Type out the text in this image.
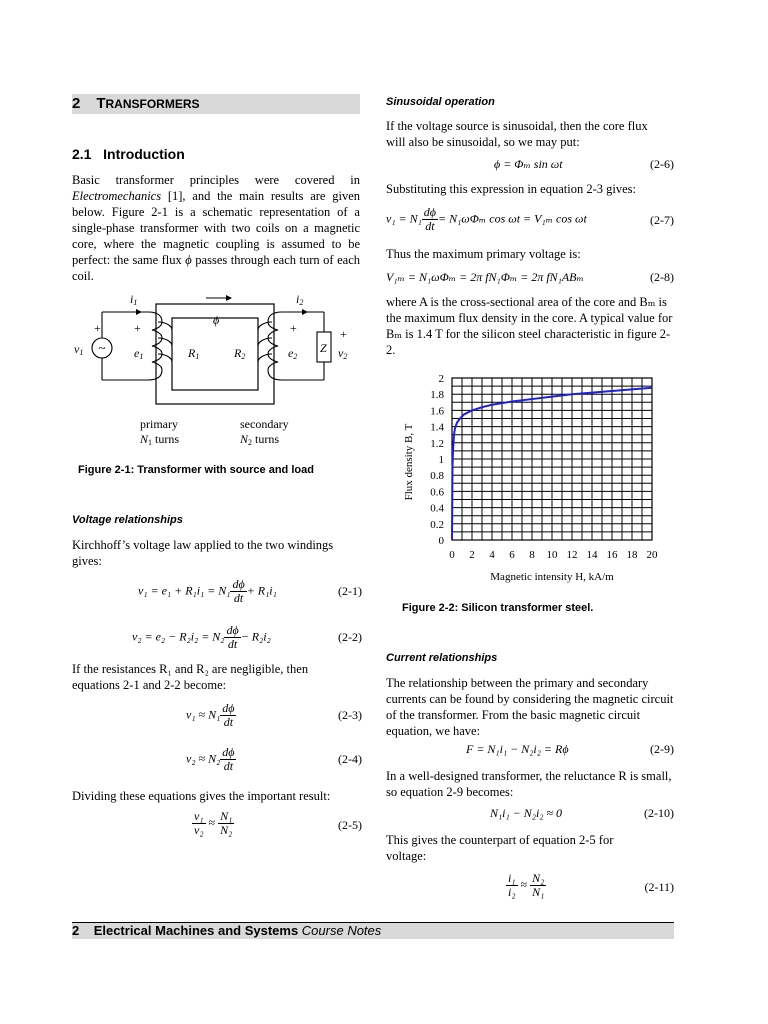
2 TRANSFORMERS
2.1 Introduction
Basic transformer principles were covered in Electromechanics [1], and the main results are given below. Figure 2-1 is a schematic representation of a single-phase transformer with two coils on a magnetic core, where the magnetic coupling is assumed to be perfect: the same flux ϕ passes through each turn of each coil.
~
i1	i2
ϕ
v1	e1	R1	R2	e2
Z v2
+	+	+	+
primary
N1 turns
secondary
N2 turns
Figure 2-1: Transformer with source and load
Voltage relationships
Kirchhoff’s voltage law applied to the two windings gives:
$v_1 = e_1 + R_1i_1 = N_1 \frac{d\phi}{dt} + R_1i_1$	(2-1)
$v_2 = e_2 - R_2i_2 = N_2 \frac{d\phi}{dt} - R_2i_2$	(2-2)
If the resistances R₁ and R₂ are negligible, then equations 2-1 and 2-2 become:
$v_1 \approx N_1 \frac{d\phi}{dt}$	(2-3)
$v_2 \approx N_2 \frac{d\phi}{dt}$	(2-4)
Dividing these equations gives the important result:
$\frac{\text{v₁}}{\text{v₂}} \approx \frac{\text{N₁}}{\text{N₂}}$	(2-5)
Sinusoidal operation
If the voltage source is sinusoidal, then the core flux will also be sinusoidal, so we may put:
ϕ = Φₘ sin ωt	(2-6)
Substituting this expression in equation 2-3 gives:
$v_1 = N_1 \frac{d\phi}{dt} = N_1\omega\Phi_m$ cos ωt = V₁ₘ cos ωt	(2-7)
Thus the maximum primary voltage is:
V₁ₘ = N₁ωΦₘ = 2π fN₁Φₘ = 2π fN₁ABₘ	(2-8)
where A is the cross-sectional area of the core and Bₘ is the maximum flux density in the core. A typical value for Bₘ is 1.4 T for the silicon steel characteristic in figure 2-2.
0 2 4 6 8 10 12 14 16 18 20
0
0.2
0.4
0.6
0.8
1
1.2
1.4
1.6
1.8
2
Magnetic intensity H, kA/m
Flux density B, T
Figure 2-2: Silicon transformer steel.
Current relationships
The relationship between the primary and secondary currents can be found by considering the magnetic circuit of the transformer. From the basic magnetic circuit equation, we have:
F = N₁i₁ − N₂i₂ = Rϕ	(2-9)
In a well-designed transformer, the reluctance R is small, so equation 2-9 becomes:
N₁i₁ − N₂i₂ ≈ 0	(2-10)
This gives the counterpart of equation 2-5 for voltage:
$\frac{\text{i₁}}{\text{i₂}} \approx \frac{\text{N₂}}{\text{N₁}}$	(2-11)
2 Electrical Machines and Systems Course Notes
